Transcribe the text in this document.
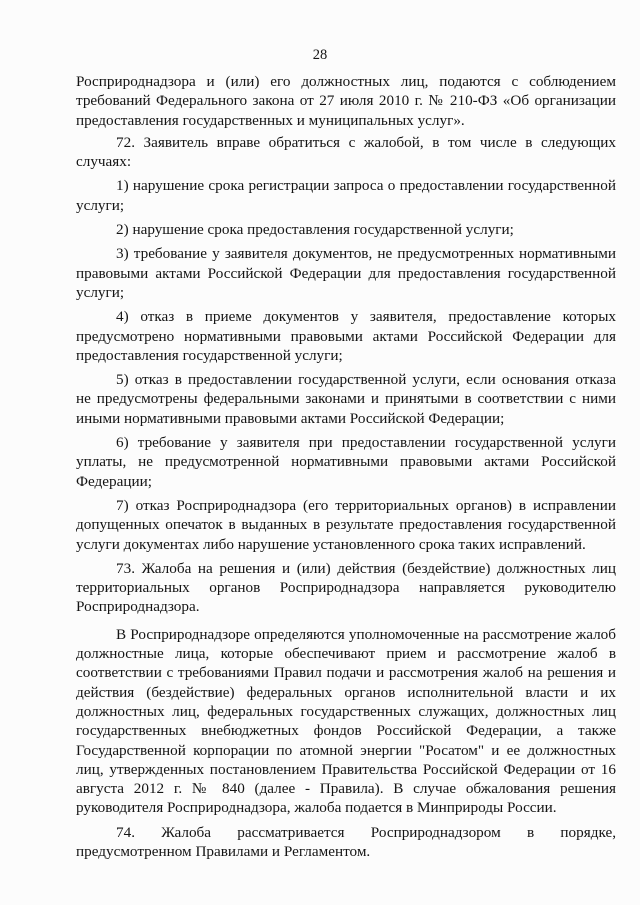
28

Росприроднадзора и (или) его должностных лиц, подаются с соблюдением требований Федерального закона от 27 июля 2010 г. № 210-ФЗ «Об организации предоставления государственных и муниципальных услуг».

72. Заявитель вправе обратиться с жалобой, в том числе в следующих случаях:

1) нарушение срока регистрации запроса о предоставлении государственной услуги;

2) нарушение срока предоставления государственной услуги;

3) требование у заявителя документов, не предусмотренных нормативными правовыми актами Российской Федерации для предоставления государственной услуги;

4) отказ в приеме документов у заявителя, предоставление которых предусмотрено нормативными правовыми актами Российской Федерации для предоставления государственной услуги;

5) отказ в предоставлении государственной услуги, если основания отказа не предусмотрены федеральными законами и принятыми в соответствии с ними иными нормативными правовыми актами Российской Федерации;

6) требование у заявителя при предоставлении государственной услуги уплаты, не предусмотренной нормативными правовыми актами Российской Федерации;

7) отказ Росприроднадзора (его территориальных органов) в исправлении допущенных опечаток в выданных в результате предоставления государственной услуги документах либо нарушение установленного срока таких исправлений.

73. Жалоба на решения и (или) действия (бездействие) должностных лиц территориальных органов Росприроднадзора направляется руководителю Росприроднадзора.

В Росприроднадзоре определяются уполномоченные на рассмотрение жалоб должностные лица, которые обеспечивают прием и рассмотрение жалоб в соответствии с требованиями Правил подачи и рассмотрения жалоб на решения и действия (бездействие) федеральных органов исполнительной власти и их должностных лиц, федеральных государственных служащих, должностных лиц государственных внебюджетных фондов Российской Федерации, а также Государственной корпорации по атомной энергии "Росатом" и ее должностных лиц, утвержденных постановлением Правительства Российской Федерации от 16 августа 2012 г. № 840 (далее - Правила). В случае обжалования решения руководителя Росприроднадзора, жалоба подается в Минприроды России.

74. Жалоба рассматривается Росприроднадзором в порядке, предусмотренном Правилами и Регламентом.
